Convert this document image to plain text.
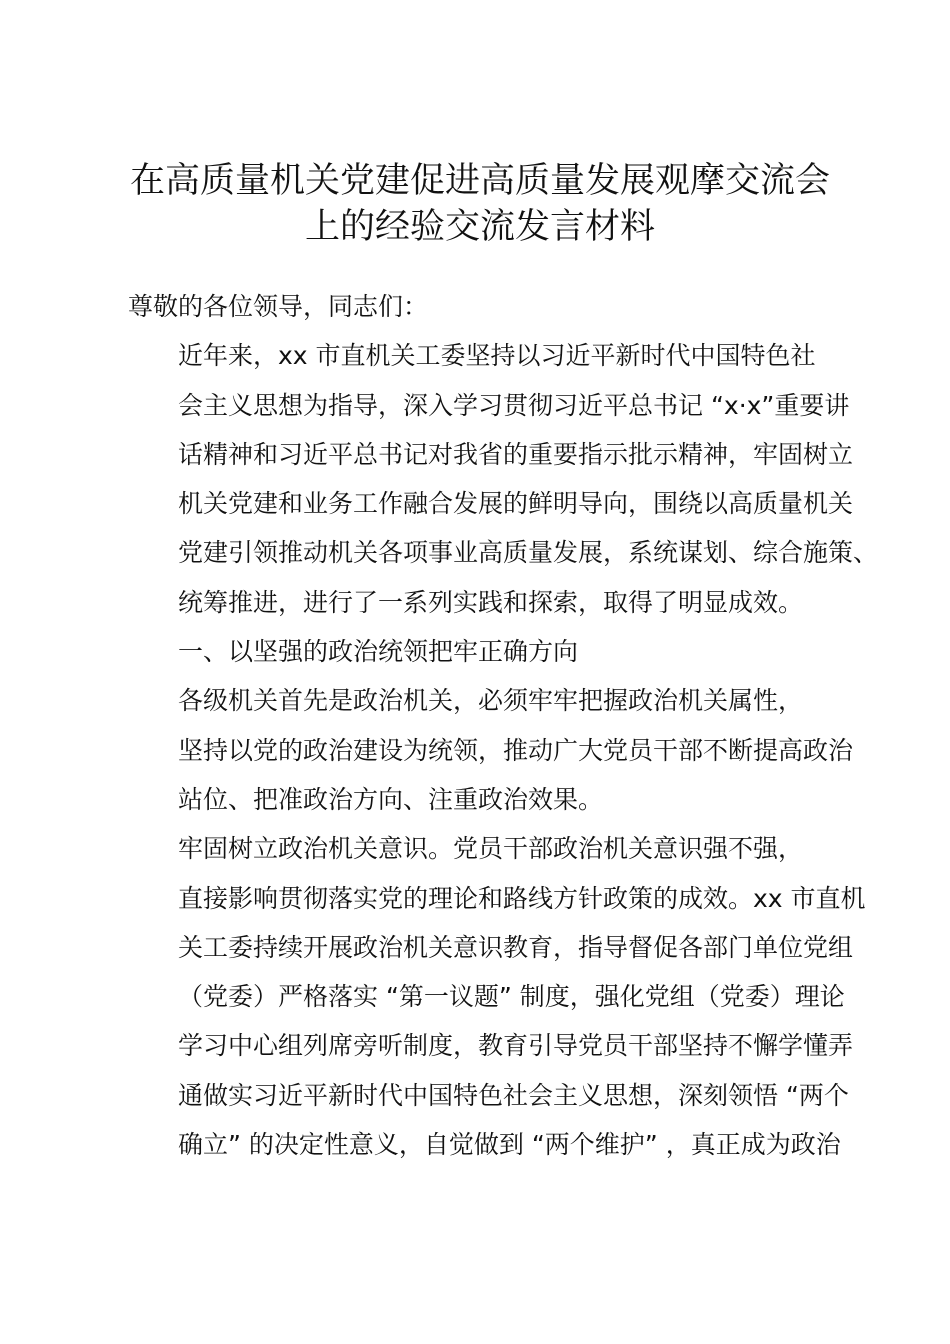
在高质量机关党建促进高质量发展观摩交流会
上的经验交流发言材料

尊敬的各位领导，同志们：

近年来，xx 市直机关工委坚持以习近平新时代中国特色社
会主义思想为指导，深入学习贯彻习近平总书记 “x·x”重要讲
话精神和习近平总书记对我省的重要指示批示精神，牢固树立
机关党建和业务工作融合发展的鲜明导向，围绕以高质量机关
党建引领推动机关各项事业高质量发展，系统谋划、综合施策、
统筹推进，进行了一系列实践和探索，取得了明显成效。

一、以坚强的政治统领把牢正确方向

各级机关首先是政治机关，必须牢牢把握政治机关属性，
坚持以党的政治建设为统领，推动广大党员干部不断提高政治
站位、把准政治方向、注重政治效果。

牢固树立政治机关意识。党员干部政治机关意识强不强，
直接影响贯彻落实党的理论和路线方针政策的成效。xx 市直机
关工委持续开展政治机关意识教育，指导督促各部门单位党组
（党委）严格落实 “第一议题” 制度，强化党组（党委）理论
学习中心组列席旁听制度，教育引导党员干部坚持不懈学懂弄
通做实习近平新时代中国特色社会主义思想，深刻领悟 “两个
确立” 的决定性意义，自觉做到 “两个维护” ，真正成为政治
